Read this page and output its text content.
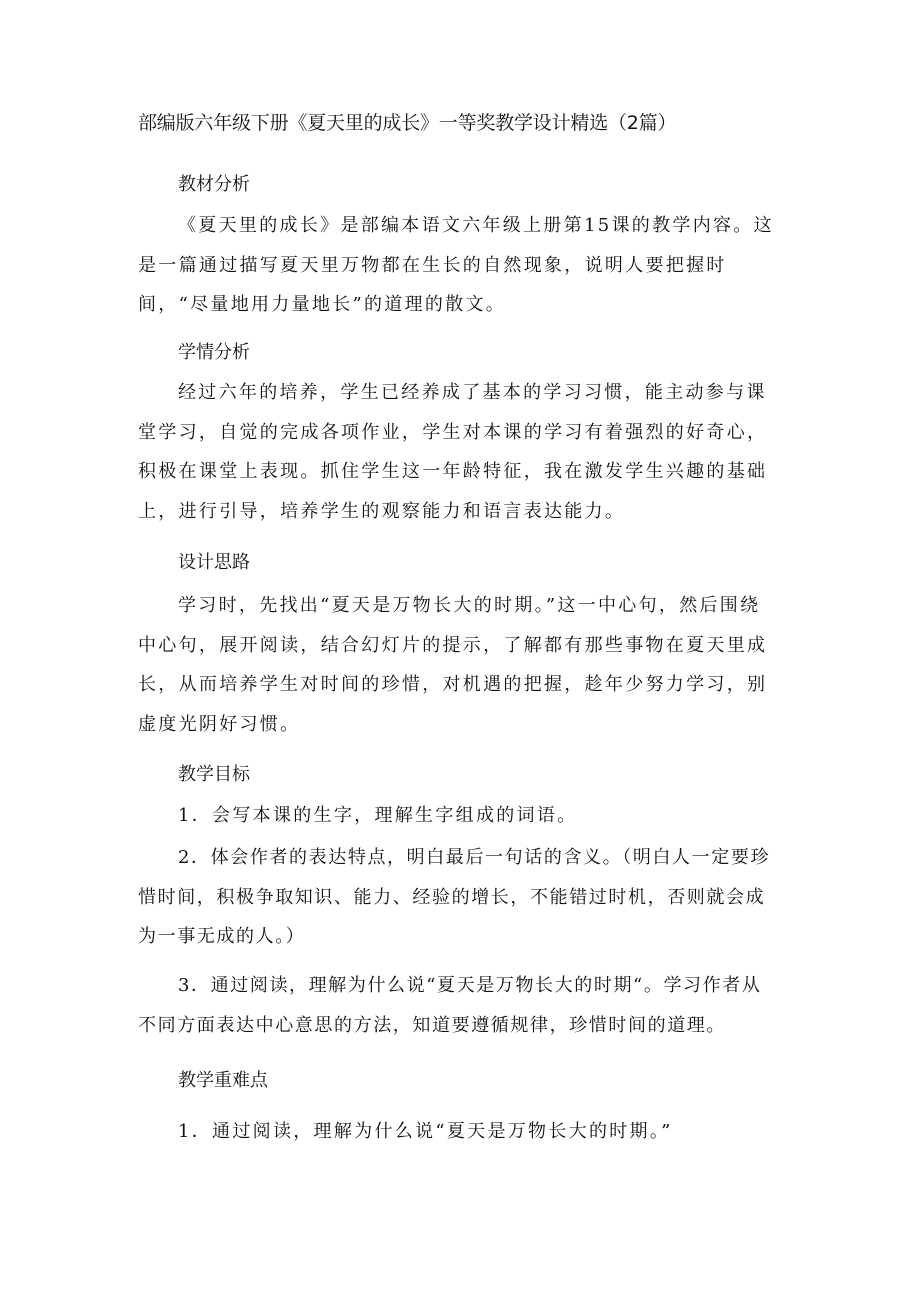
部编版六年级下册《夏天里的成长》一等奖教学设计精选（2篇）
教材分析
《夏天里的成长》是部编本语文六年级上册第15课的教学内容。这是一篇通过描写夏天里万物都在生长的自然现象，说明人要把握时间，“尽量地用力量地长”的道理的散文。
学情分析
经过六年的培养，学生已经养成了基本的学习习惯，能主动参与课堂学习，自觉的完成各项作业，学生对本课的学习有着强烈的好奇心，积极在课堂上表现。抓住学生这一年龄特征，我在激发学生兴趣的基础上，进行引导，培养学生的观察能力和语言表达能力。
设计思路
学习时，先找出“夏天是万物长大的时期。”这一中心句，然后围绕中心句，展开阅读，结合幻灯片的提示，了解都有那些事物在夏天里成长，从而培养学生对时间的珍惜，对机遇的把握，趁年少努力学习，别虚度光阴好习惯。
教学目标
1．会写本课的生字，理解生字组成的词语。
2．体会作者的表达特点，明白最后一句话的含义。（明白人一定要珍惜时间，积极争取知识、能力、经验的增长，不能错过时机，否则就会成为一事无成的人。）
3．通过阅读，理解为什么说“夏天是万物长大的时期“。学习作者从不同方面表达中心意思的方法，知道要遵循规律，珍惜时间的道理。
教学重难点
1．通过阅读，理解为什么说“夏天是万物长大的时期。”
